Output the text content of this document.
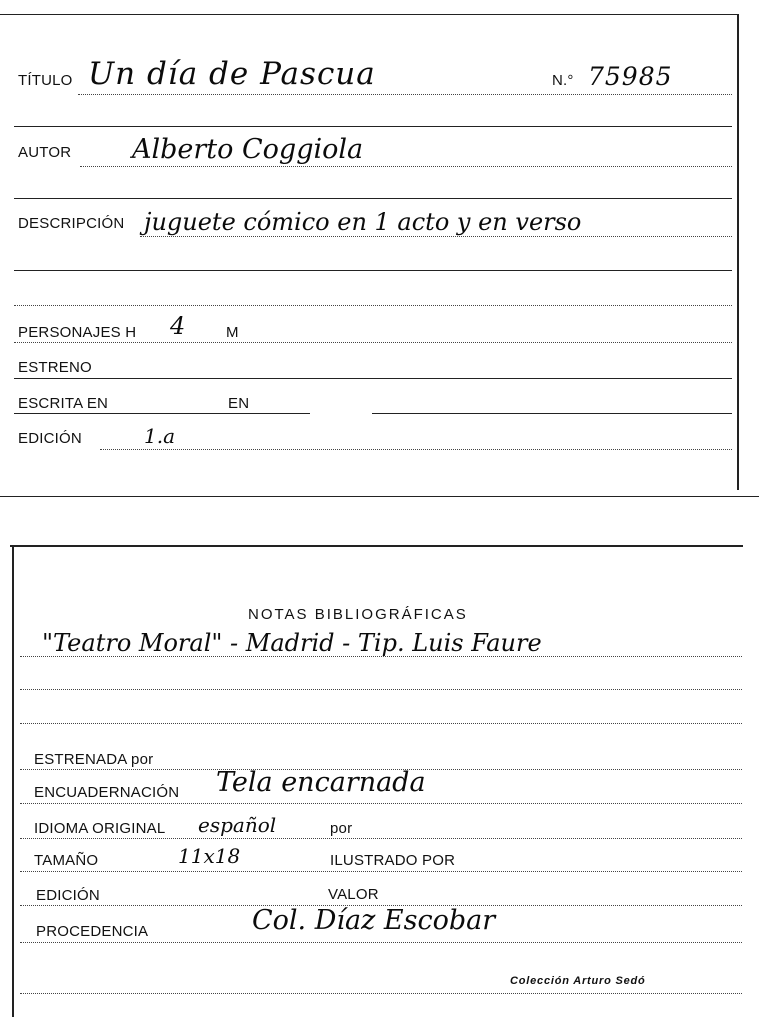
TÍTULO Un día de Pascua	N.° 75985
AUTOR Alberto Coggiola
DESCRIPCIÓN juguete cómico en 1 acto y en verso
PERSONAJES H 4	M
ESTRENO
ESCRITA EN	EN
EDICIÓN	1.a
NOTAS BIBLIOGRÁFICAS
"Teatro Moral" - Madrid - Tip. Luis Faure
ESTRENADA por
ENCUADERNACIÓN Tela encarnada
IDIOMA ORIGINAL español	por
TAMAÑO	11x18	ILUSTRADO POR
EDICIÓN	VALOR
PROCEDENCIA	Col. Díaz Escobar
Colección Arturo Sedó
